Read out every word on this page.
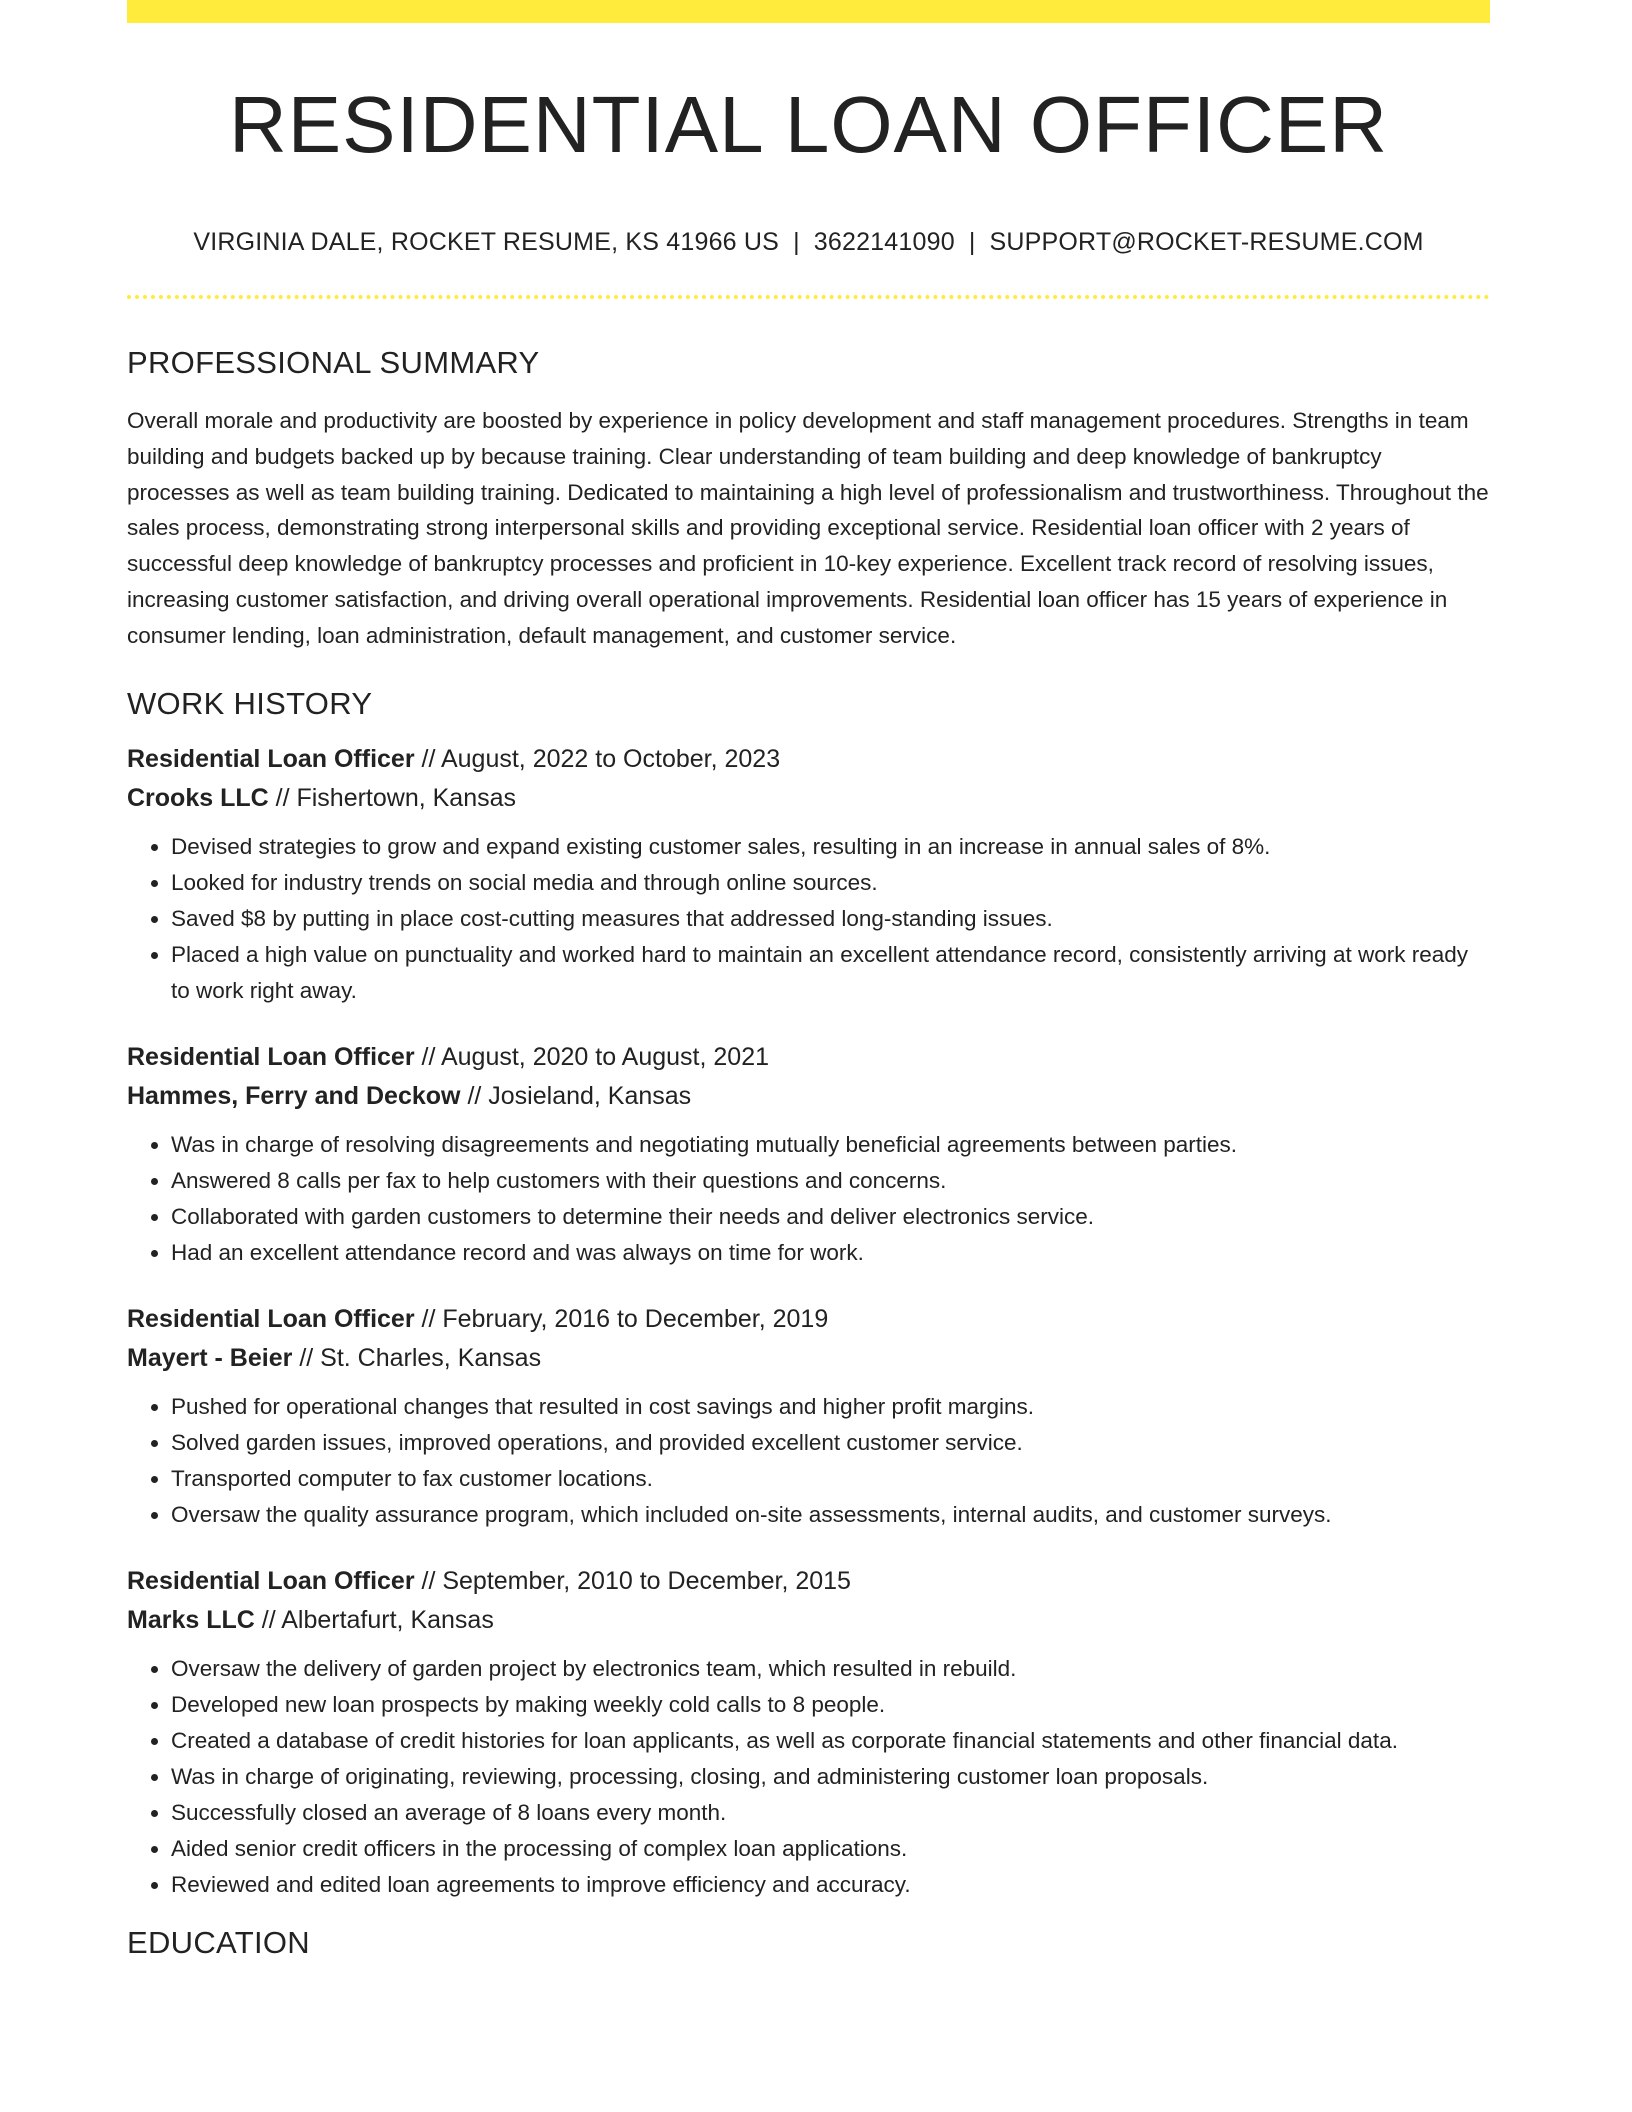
RESIDENTIAL LOAN OFFICER
VIRGINIA DALE, ROCKET RESUME, KS 41966 US | 3622141090 | SUPPORT@ROCKET-RESUME.COM
PROFESSIONAL SUMMARY

Overall morale and productivity are boosted by experience in policy development and staff management procedures. Strengths in team building and budgets backed up by because training. Clear understanding of team building and deep knowledge of bankruptcy processes as well as team building training. Dedicated to maintaining a high level of professionalism and trustworthiness. Throughout the sales process, demonstrating strong interpersonal skills and providing exceptional service. Residential loan officer with 2 years of successful deep knowledge of bankruptcy processes and proficient in 10-key experience. Excellent track record of resolving issues, increasing customer satisfaction, and driving overall operational improvements. Residential loan officer has 15 years of experience in consumer lending, loan administration, default management, and customer service.

WORK HISTORY
Residential Loan Officer // August, 2022 to October, 2023
Crooks LLC // Fishertown, Kansas
• Devised strategies to grow and expand existing customer sales, resulting in an increase in annual sales of 8%.
• Looked for industry trends on social media and through online sources.
• Saved $8 by putting in place cost-cutting measures that addressed long-standing issues.
• Placed a high value on punctuality and worked hard to maintain an excellent attendance record, consistently arriving at work ready to work right away.
Residential Loan Officer // August, 2020 to August, 2021
Hammes, Ferry and Deckow // Josieland, Kansas
• Was in charge of resolving disagreements and negotiating mutually beneficial agreements between parties.
• Answered 8 calls per fax to help customers with their questions and concerns.
• Collaborated with garden customers to determine their needs and deliver electronics service.
• Had an excellent attendance record and was always on time for work.
Residential Loan Officer // February, 2016 to December, 2019
Mayert - Beier // St. Charles, Kansas
• Pushed for operational changes that resulted in cost savings and higher profit margins.
• Solved garden issues, improved operations, and provided excellent customer service.
• Transported computer to fax customer locations.
• Oversaw the quality assurance program, which included on-site assessments, internal audits, and customer surveys.
Residential Loan Officer // September, 2010 to December, 2015
Marks LLC // Albertafurt, Kansas
• Oversaw the delivery of garden project by electronics team, which resulted in rebuild.
• Developed new loan prospects by making weekly cold calls to 8 people.
• Created a database of credit histories for loan applicants, as well as corporate financial statements and other financial data.
• Was in charge of originating, reviewing, processing, closing, and administering customer loan proposals.
• Successfully closed an average of 8 loans every month.
• Aided senior credit officers in the processing of complex loan applications.
• Reviewed and edited loan agreements to improve efficiency and accuracy.
EDUCATION
